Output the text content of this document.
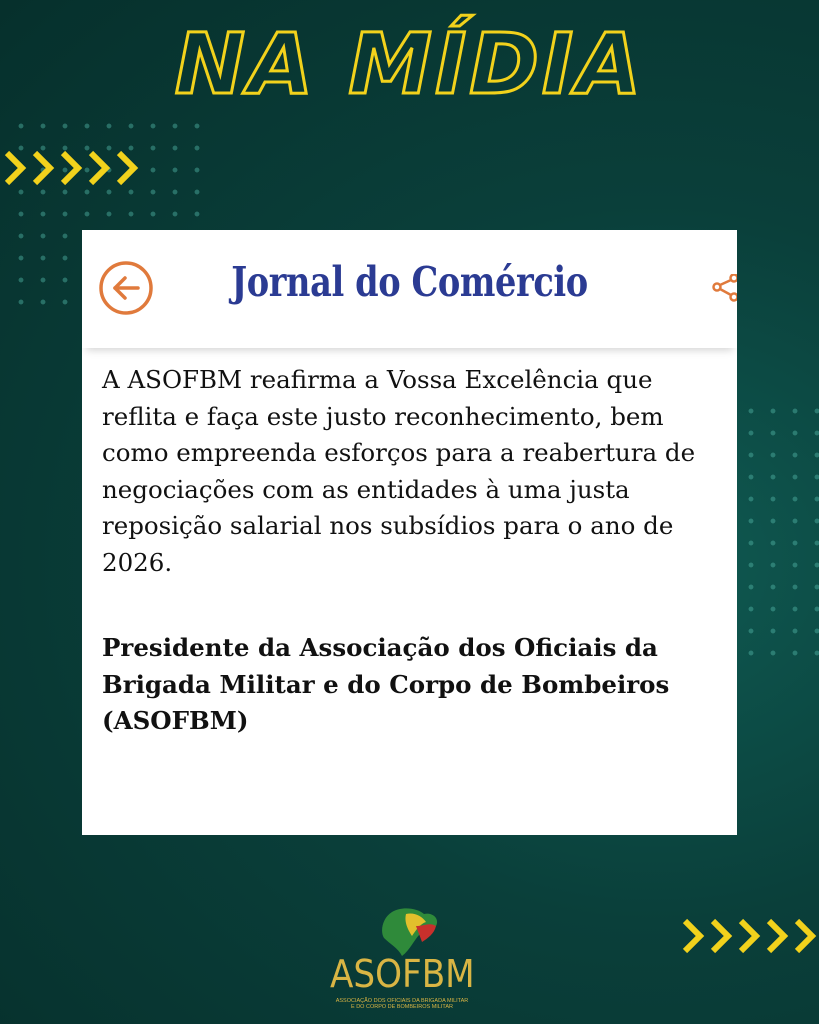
NA MÍDIA
Jornal do Comércio
A ASOFBM reafirma a Vossa Excelência que reflita e faça este justo reconhecimento, bem como empreenda esforços para a reabertura de negociações com as entidades à uma justa reposição salarial nos subsídios para o ano de 2026.
Presidente da Associação dos Oficiais da Brigada Militar e do Corpo de Bombeiros (ASOFBM)
ASOFBM
ASSOCIAÇÃO DOS OFICIAIS DA BRIGADA MILITAR
E DO CORPO DE BOMBEIROS MILITAR
